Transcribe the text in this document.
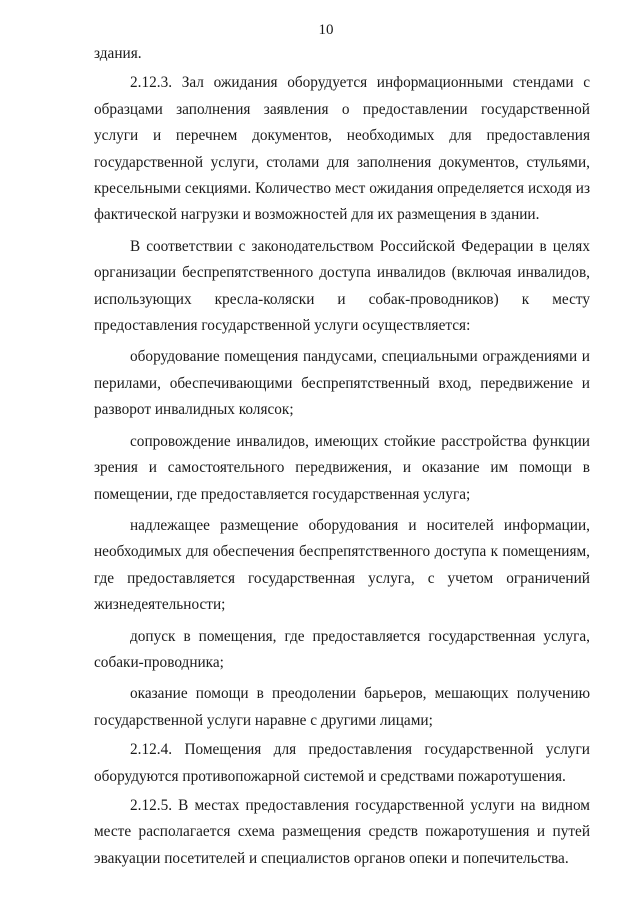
10

здания.

2.12.3. Зал ожидания оборудуется информационными стендами с образцами заполнения заявления о предоставлении государственной услуги и перечнем документов, необходимых для предоставления государственной услуги, столами для заполнения документов, стульями, кресельными секциями. Количество мест ожидания определяется исходя из фактической нагрузки и возможностей для их размещения в здании.

В соответствии с законодательством Российской Федерации в целях организации беспрепятственного доступа инвалидов (включая инвалидов, использующих кресла-коляски и собак-проводников) к месту предоставления государственной услуги осуществляется:

оборудование помещения пандусами, специальными ограждениями и перилами, обеспечивающими беспрепятственный вход, передвижение и разворот инвалидных колясок;

сопровождение инвалидов, имеющих стойкие расстройства функции зрения и самостоятельного передвижения, и оказание им помощи в помещении, где предоставляется государственная услуга;

надлежащее размещение оборудования и носителей информации, необходимых для обеспечения беспрепятственного доступа к помещениям, где предоставляется государственная услуга, с учетом ограничений жизнедеятельности;

допуск в помещения, где предоставляется государственная услуга, собаки-проводника;

оказание помощи в преодолении барьеров, мешающих получению государственной услуги наравне с другими лицами;

2.12.4. Помещения для предоставления государственной услуги оборудуются противопожарной системой и средствами пожаротушения.

2.12.5. В местах предоставления государственной услуги на видном месте располагается схема размещения средств пожаротушения и путей эвакуации посетителей и специалистов органов опеки и попечительства.
